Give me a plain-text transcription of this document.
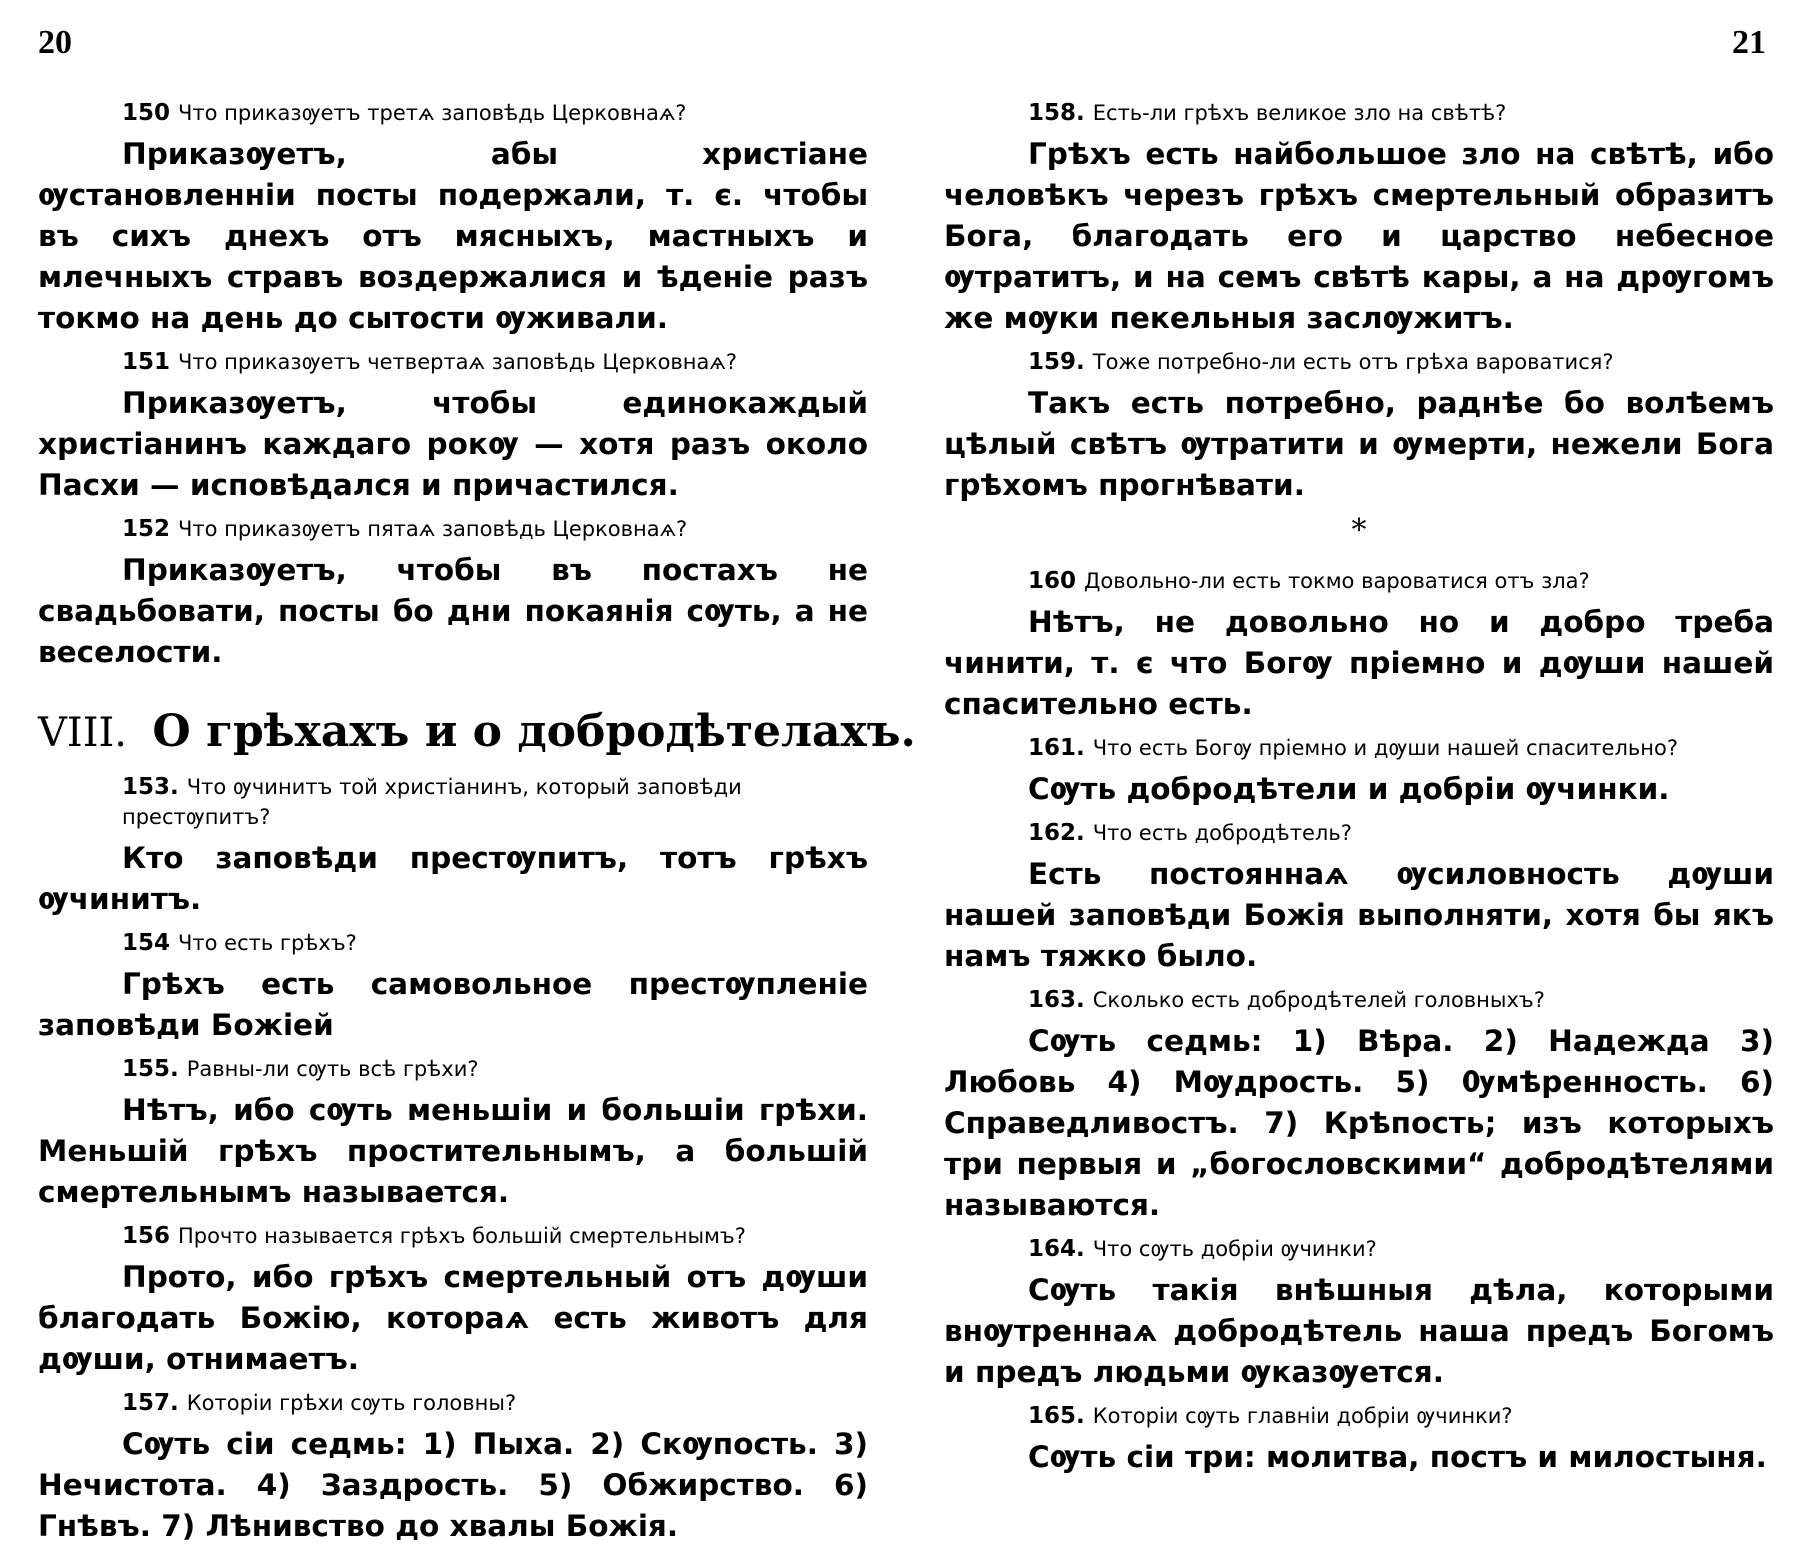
20	21
150 Что приказѹетъ третѧ заповѣдь Церковнаѧ?
Приказѹетъ, абы христіане ѹстановленніи посты подержали, т. є. чтобы въ сихъ днехъ отъ мясныхъ, мастныхъ и млечныхъ стравъ воздержалися и ѣденіе разъ токмо на день до сытости ѹживали.
151 Что приказѹетъ четвертаѧ заповѣдь Церковнаѧ?
Приказѹетъ, чтобы единокаждый христіанинъ каждаго рокѹ — хотя разъ около Пасхи — исповѣдался и причастился.
152 Что приказѹетъ пятаѧ заповѣдь Церковнаѧ?
Приказѹетъ, чтобы въ постахъ не свадьбовати, посты бо дни покаянія сѹть, а не веселости.
VIII. О грѣхахъ и о добродѣтелахъ.
153. Что ѹчинитъ той христіанинъ, который заповѣди престѹпитъ?
Кто заповѣди престѹпитъ, тотъ грѣхъ ѹчинитъ.
154 Что есть грѣхъ?
Грѣхъ есть самовольное престѹпленіе заповѣди Божіей
155. Равны-ли сѹть всѣ грѣхи?
Нѣтъ, ибо сѹть меньшіи и большіи грѣхи. Меньшій грѣхъ простительнымъ, а большій смертельнымъ называется.
156 Прочто называется грѣхъ большій смертельнымъ?
Прото, ибо грѣхъ смертельный отъ дѹши благодать Божію, котораѧ есть животъ для дѹши, отнимаетъ.
157. Которіи грѣхи сѹть головны?
Сѹть сіи седмь: 1) Пыха. 2) Скѹпость. 3) Нечистота. 4) Заздрость. 5) Обжирство. 6) Гнѣвъ. 7) Лѣнивство до хвалы Божія.
158. Есть-ли грѣхъ великое зло на свѣтѣ?
Грѣхъ есть найбольшое зло на свѣтѣ, ибо человѣкъ черезъ грѣхъ смертельный образитъ Бога, благодать его и царство небесное ѹтратитъ, и на семъ свѣтѣ кары, а на дрѹгомъ же мѹки пекельныя заслѹжитъ.
159. Тоже потребно-ли есть отъ грѣха вароватися?
Такъ есть потребно, раднѣе бо волѣемъ цѣлый свѣтъ ѹтратити и ѹмерти, нежели Бога грѣхомъ прогнѣвати.
*
160 Довольно-ли есть токмо вароватися отъ зла?
Нѣтъ, не довольно но и добро треба чинити, т. є что Богѹ пріемно и дѹши нашей спасительно есть.
161. Что есть Богѹ пріемно и дѹши нашей спасительно?
Сѹть добродѣтели и добріи ѹчинки.
162. Что есть добродѣтель?
Есть постояннаѧ ѹсиловность дѹши нашей заповѣди Божія выполняти, хотя бы якъ намъ тяжко было.
163. Сколько есть добродѣтелей головныхъ?
Сѹть седмь: 1) Вѣра. 2) Надежда 3) Любовь 4) Мѹдрость. 5) Ѹмѣренность. 6) Справедливостъ. 7) Крѣпость; изъ которыхъ три первыя и „богословскими“ добродѣтелями называются.
164. Что сѹть добріи ѹчинки?
Сѹть такія внѣшныя дѣла, которыми внѹтреннаѧ добродѣтель наша предъ Богомъ и предъ людьми ѹказѹется.
165. Которіи сѹть главніи добріи ѹчинки?
Сѹть сіи три: молитва, постъ и милостыня.
